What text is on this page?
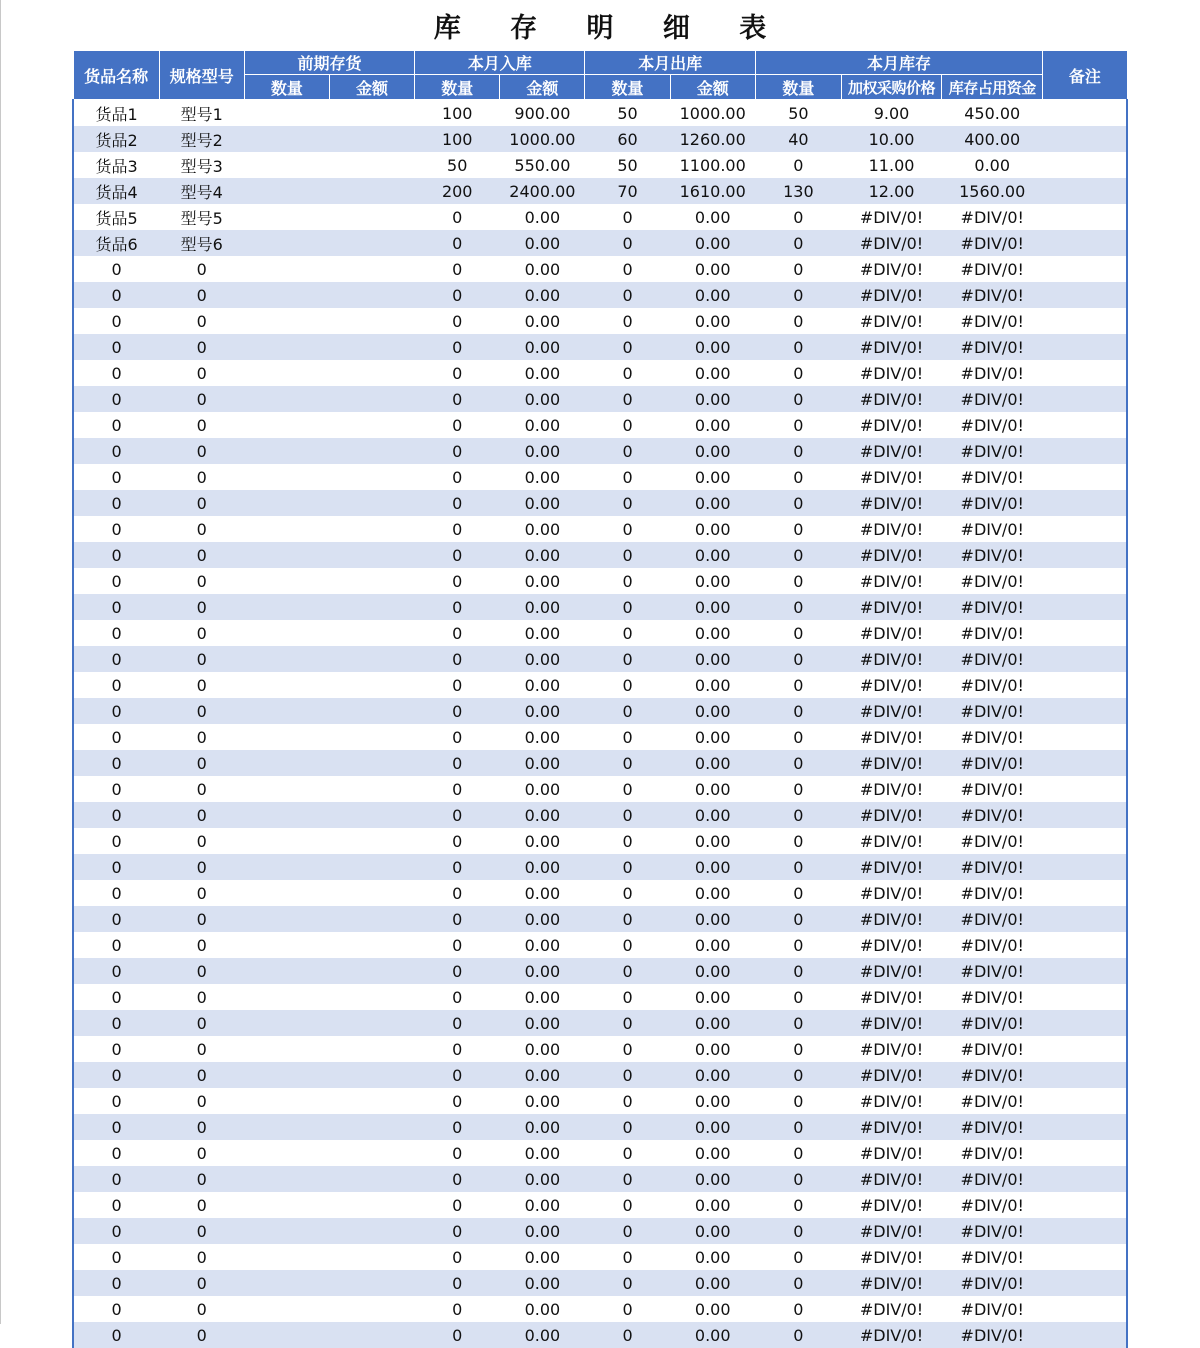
库 存 明 细 表
货品名称	规格型号	前期存货		本月入库		本月出库		本月库存			备注
		数量	金额	数量	金额	数量	金额	数量	加权采购价格	库存占用资金	
货品1	型号1			100	900.00	50	1000.00	50	9.00	450.00	
货品2	型号2			100	1000.00	60	1260.00	40	10.00	400.00	
货品3	型号3			50	550.00	50	1100.00	0	11.00	0.00	
货品4	型号4			200	2400.00	70	1610.00	130	12.00	1560.00	
货品5	型号5			0	0.00	0	0.00	0	#DIV/0!	#DIV/0!	
货品6	型号6			0	0.00	0	0.00	0	#DIV/0!	#DIV/0!	
0	0			0	0.00	0	0.00	0	#DIV/0!	#DIV/0!	
0	0			0	0.00	0	0.00	0	#DIV/0!	#DIV/0!	
0	0			0	0.00	0	0.00	0	#DIV/0!	#DIV/0!	
0	0			0	0.00	0	0.00	0	#DIV/0!	#DIV/0!	
0	0			0	0.00	0	0.00	0	#DIV/0!	#DIV/0!	
0	0			0	0.00	0	0.00	0	#DIV/0!	#DIV/0!	
0	0			0	0.00	0	0.00	0	#DIV/0!	#DIV/0!	
0	0			0	0.00	0	0.00	0	#DIV/0!	#DIV/0!	
0	0			0	0.00	0	0.00	0	#DIV/0!	#DIV/0!	
0	0			0	0.00	0	0.00	0	#DIV/0!	#DIV/0!	
0	0			0	0.00	0	0.00	0	#DIV/0!	#DIV/0!	
0	0			0	0.00	0	0.00	0	#DIV/0!	#DIV/0!	
0	0			0	0.00	0	0.00	0	#DIV/0!	#DIV/0!	
0	0			0	0.00	0	0.00	0	#DIV/0!	#DIV/0!	
0	0			0	0.00	0	0.00	0	#DIV/0!	#DIV/0!	
0	0			0	0.00	0	0.00	0	#DIV/0!	#DIV/0!	
0	0			0	0.00	0	0.00	0	#DIV/0!	#DIV/0!	
0	0			0	0.00	0	0.00	0	#DIV/0!	#DIV/0!	
0	0			0	0.00	0	0.00	0	#DIV/0!	#DIV/0!	
0	0			0	0.00	0	0.00	0	#DIV/0!	#DIV/0!	
0	0			0	0.00	0	0.00	0	#DIV/0!	#DIV/0!	
0	0			0	0.00	0	0.00	0	#DIV/0!	#DIV/0!	
0	0			0	0.00	0	0.00	0	#DIV/0!	#DIV/0!	
0	0			0	0.00	0	0.00	0	#DIV/0!	#DIV/0!	
0	0			0	0.00	0	0.00	0	#DIV/0!	#DIV/0!	
0	0			0	0.00	0	0.00	0	#DIV/0!	#DIV/0!	
0	0			0	0.00	0	0.00	0	#DIV/0!	#DIV/0!	
0	0			0	0.00	0	0.00	0	#DIV/0!	#DIV/0!	
0	0			0	0.00	0	0.00	0	#DIV/0!	#DIV/0!	
0	0			0	0.00	0	0.00	0	#DIV/0!	#DIV/0!	
0	0			0	0.00	0	0.00	0	#DIV/0!	#DIV/0!	
0	0			0	0.00	0	0.00	0	#DIV/0!	#DIV/0!	
0	0			0	0.00	0	0.00	0	#DIV/0!	#DIV/0!	
0	0			0	0.00	0	0.00	0	#DIV/0!	#DIV/0!	
0	0			0	0.00	0	0.00	0	#DIV/0!	#DIV/0!	
0	0			0	0.00	0	0.00	0	#DIV/0!	#DIV/0!	
0	0			0	0.00	0	0.00	0	#DIV/0!	#DIV/0!	
0	0			0	0.00	0	0.00	0	#DIV/0!	#DIV/0!	
0	0			0	0.00	0	0.00	0	#DIV/0!	#DIV/0!	
0	0			0	0.00	0	0.00	0	#DIV/0!	#DIV/0!	
0	0			0	0.00	0	0.00	0	#DIV/0!	#DIV/0!	
0	0			0	0.00	0	0.00	0	#DIV/0!	#DIV/0!	
